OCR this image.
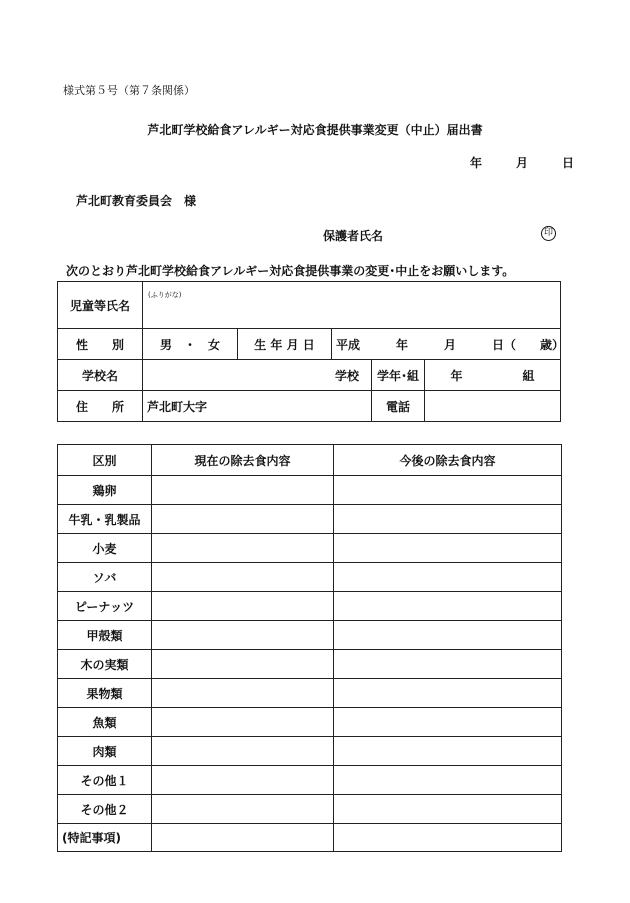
様式第５号（第７条関係）
芦北町学校給食アレルギー対応食提供事業変更（中止）届出書
年	月	日
芦北町教育委員会　様
保護者氏名	印
次のとおり芦北町学校給食アレルギー対応食提供事業の変更･中止をお願いします。
児童等氏名	$^{(ふりがな)}$
性　　別	男　・　女	生 年 月 日	平成　　　年　　　月　　　日（　　歳）		
学校名	学校			学年･組	年　　　　　組
住　　所	芦北町大字			電話	
区別	現在の除去食内容	今後の除去食内容
鶏卵		
牛乳・乳製品		
小麦		
ソバ		
ピーナッツ		
甲殻類		
木の実類		
果物類		
魚類		
肉類		
その他１		
その他２		
(特記事項)		
